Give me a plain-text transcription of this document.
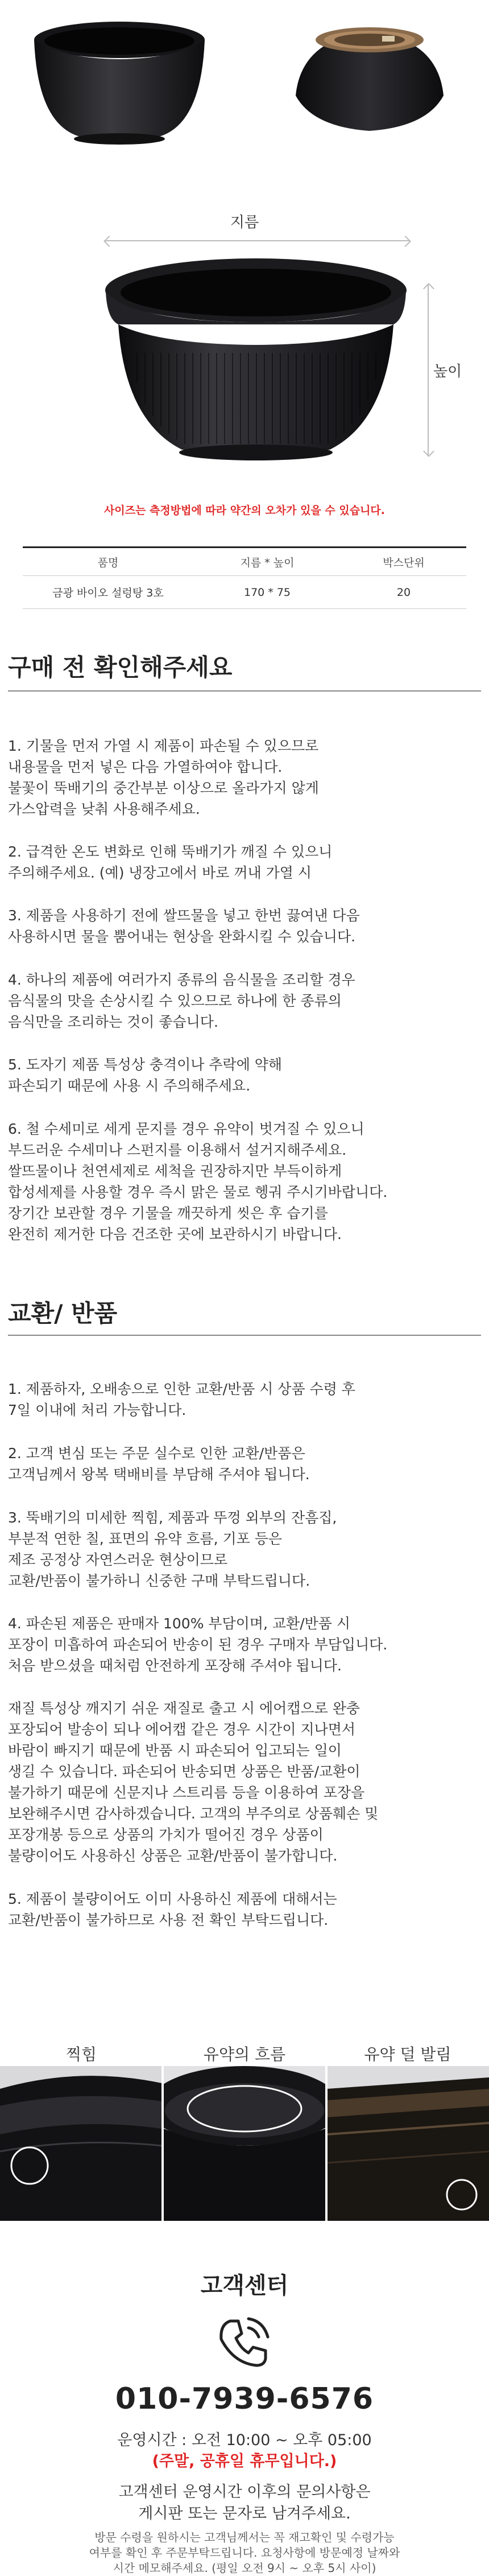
지름
높이
사이즈는 측정방법에 따라 약간의 오차가 있을 수 있습니다.
품명	지름 * 높이	박스단위
금광 바이오 설렁탕 3호	170 * 75	20
구매 전 확인해주세요
1. 기물을 먼저 가열 시 제품이 파손될 수 있으므로
내용물을 먼저 넣은 다음 가열하여야 합니다.
불꽃이 뚝배기의 중간부분 이상으로 올라가지 않게
가스압력을 낮춰 사용해주세요.
2. 급격한 온도 변화로 인해 뚝배기가 깨질 수 있으니
주의해주세요. (예) 냉장고에서 바로 꺼내 가열 시
3. 제품을 사용하기 전에 쌀뜨물을 넣고 한번 끓여낸 다음
사용하시면 물을 뿜어내는 현상을 완화시킬 수 있습니다.
4. 하나의 제품에 여러가지 종류의 음식물을 조리할 경우
음식물의 맛을 손상시킬 수 있으므로 하나에 한 종류의
음식만을 조리하는 것이 좋습니다.
5. 도자기 제품 특성상 충격이나 추락에 약해
파손되기 때문에 사용 시 주의해주세요.
6. 철 수세미로 세게 문지를 경우 유약이 벗겨질 수 있으니
부드러운 수세미나 스펀지를 이용해서 설거지해주세요.
쌀뜨물이나 천연세제로 세척을 권장하지만 부득이하게
합성세제를 사용할 경우 즉시 맑은 물로 헹궈 주시기바랍니다.
장기간 보관할 경우 기물을 깨끗하게 씻은 후 습기를
완전히 제거한 다음 건조한 곳에 보관하시기 바랍니다.
교환/ 반품
1. 제품하자, 오배송으로 인한 교환/반품 시 상품 수령 후
7일 이내에 처리 가능합니다.
2. 고객 변심 또는 주문 실수로 인한 교환/반품은
고객님께서 왕복 택배비를 부담해 주셔야 됩니다.
3. 뚝배기의 미세한 찍힘, 제품과 뚜껑 외부의 잔흠집,
부분적 연한 칠, 표면의 유약 흐름, 기포 등은
제조 공정상 자연스러운 현상이므로
교환/반품이 불가하니 신중한 구매 부탁드립니다.
4. 파손된 제품은 판매자 100% 부담이며, 교환/반품 시
포장이 미흡하여 파손되어 반송이 된 경우 구매자 부담입니다.
처음 받으셨을 때처럼 안전하게 포장해 주셔야 됩니다.
재질 특성상 깨지기 쉬운 재질로 출고 시 에어캡으로 완충
포장되어 발송이 되나 에어캡 같은 경우 시간이 지나면서
바람이 빠지기 때문에 반품 시 파손되어 입고되는 일이
생길 수 있습니다. 파손되어 반송되면 상품은 반품/교환이
불가하기 때문에 신문지나 스트리름 등을 이용하여 포장을
보완해주시면 감사하겠습니다. 고객의 부주의로 상품훼손 및
포장개봉 등으로 상품의 가치가 떨어진 경우 상품이
불량이어도 사용하신 상품은 교환/반품이 불가합니다.
5. 제품이 불량이어도 이미 사용하신 제품에 대해서는
교환/반품이 불가하므로 사용 전 확인 부탁드립니다.
찍힘	유약의 흐름	유약 덜 발림
고객센터
010-7939-6576
운영시간 : 오전 10:00 ~ 오후 05:00
(주말, 공휴일 휴무입니다.)
고객센터 운영시간 이후의 문의사항은
게시판 또는 문자로 남겨주세요.
방문 수령을 원하시는 고객님께서는 꼭 재고확인 및 수령가능
여부를 확인 후 주문부탁드립니다. 요청사항에 방문예정 날짜와
시간 메모해주세요. (평일 오전 9시 ~ 오후 5시 사이)
